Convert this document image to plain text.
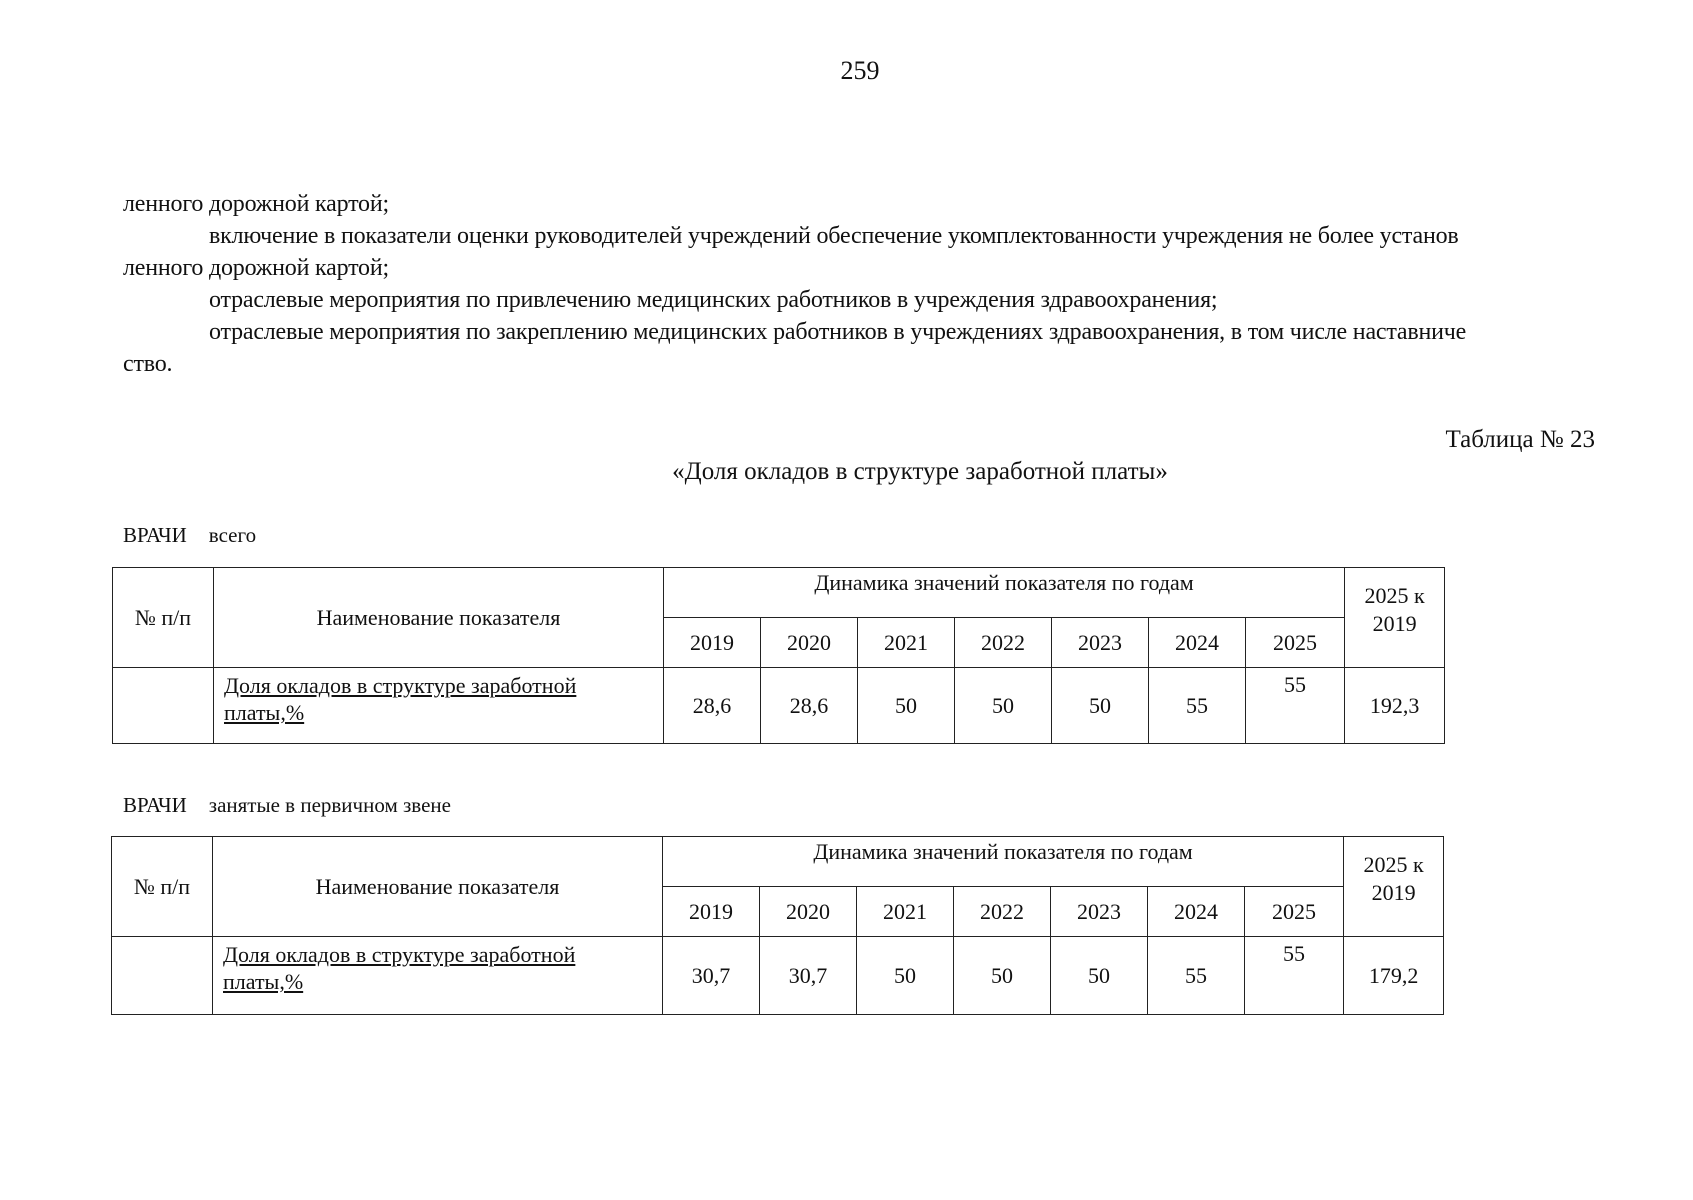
259
ленного дорожной картой;
включение в показатели оценки руководителей учреждений обеспечение укомплектованности учреждения не более установ
ленного дорожной картой;
отраслевые мероприятия по привлечению медицинских работников в учреждения здравоохранения;
отраслевые мероприятия по закреплению медицинских работников в учреждениях здравоохранения, в том числе наставниче
ство.
Таблица № 23
«Доля окладов в структуре заработной платы»
ВРАЧИ всего
№ п/п	Наименование показателя	Динамика значений показателя по годам							2025 к
2019

		2019	2020	2021	2022	2023	2024	2025	
	Доля окладов в структуре заработной платы,%	28,6	28,6	50	50	50	55	55	192,3
ВРАЧИ занятые в первичном звене
№ п/п	Наименование показателя	Динамика значений показателя по годам							2025 к
2019

		2019	2020	2021	2022	2023	2024	2025	
	Доля окладов в структуре заработной платы,%	30,7	30,7	50	50	50	55	55	179,2
